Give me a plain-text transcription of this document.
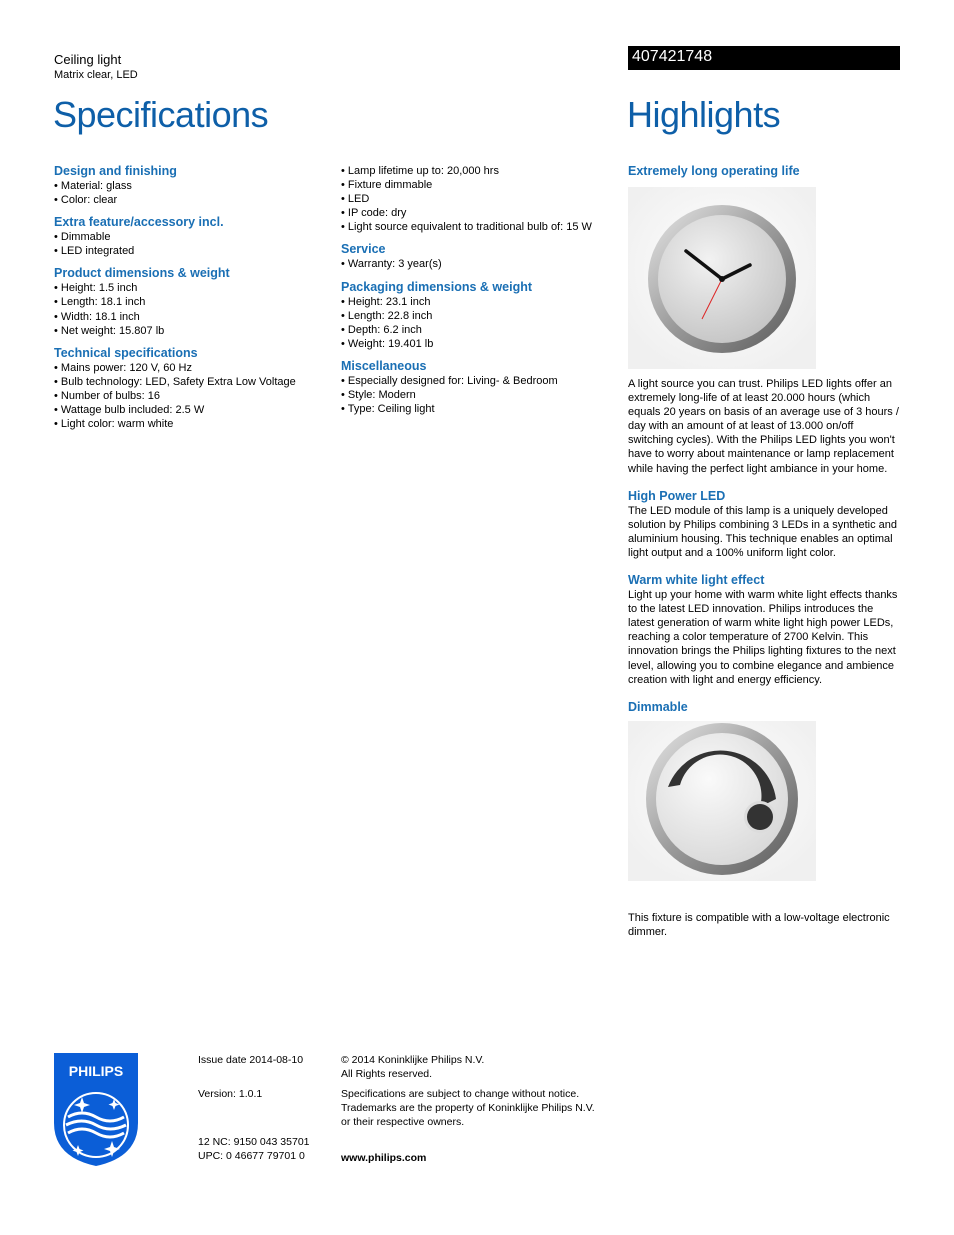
Ceiling light
Matrix clear, LED
407421748
Specifications	Highlights
Design and finishing
• Material: glass
• Color: clear
Extra feature/accessory incl.
• Dimmable
• LED integrated
Product dimensions & weight
• Height: 1.5 inch
• Length: 18.1 inch
• Width: 18.1 inch
• Net weight: 15.807 lb
Technical specifications
• Mains power: 120 V, 60 Hz
• Bulb technology: LED, Safety Extra Low Voltage
• Number of bulbs: 16
• Wattage bulb included: 2.5 W
• Light color: warm white
• Lamp lifetime up to: 20,000 hrs
• Fixture dimmable
• LED
• IP code: dry
• Light source equivalent to traditional bulb of: 15 W
Service
• Warranty: 3 year(s)
Packaging dimensions & weight
• Height: 23.1 inch
• Length: 22.8 inch
• Depth: 6.2 inch
• Weight: 19.401 lb
Miscellaneous
• Especially designed for: Living- & Bedroom
• Style: Modern
• Type: Ceiling light
Extremely long operating life
A light source you can trust. Philips LED lights offer an extremely long-life of at least 20.000 hours (which equals 20 years on basis of an average use of 3 hours / day with an amount of at least of 13.000 on/off switching cycles). With the Philips LED lights you won't have to worry about maintenance or lamp replacement while having the perfect light ambiance in your home.
High Power LED
The LED module of this lamp is a uniquely developed solution by Philips combining 3 LEDs in a synthetic and aluminium housing. This technique enables an optimal light output and a 100% uniform light color.
Warm white light effect
Light up your home with warm white light effects thanks to the latest LED innovation. Philips introduces the latest generation of warm white light high power LEDs, reaching a color temperature of 2700 Kelvin. This innovation brings the Philips lighting fixtures to the next level, allowing you to combine elegance and ambience creation with light and energy efficiency.
Dimmable
This fixture is compatible with a low-voltage electronic dimmer.
PHILIPS
Issue date 2014-08-10
Version: 1.0.1
12 NC: 9150 043 35701
UPC: 0 46677 79701 0
© 2014 Koninklijke Philips N.V.
All Rights reserved.
Specifications are subject to change without notice.
Trademarks are the property of Koninklijke Philips N.V.
or their respective owners.
www.philips.com
